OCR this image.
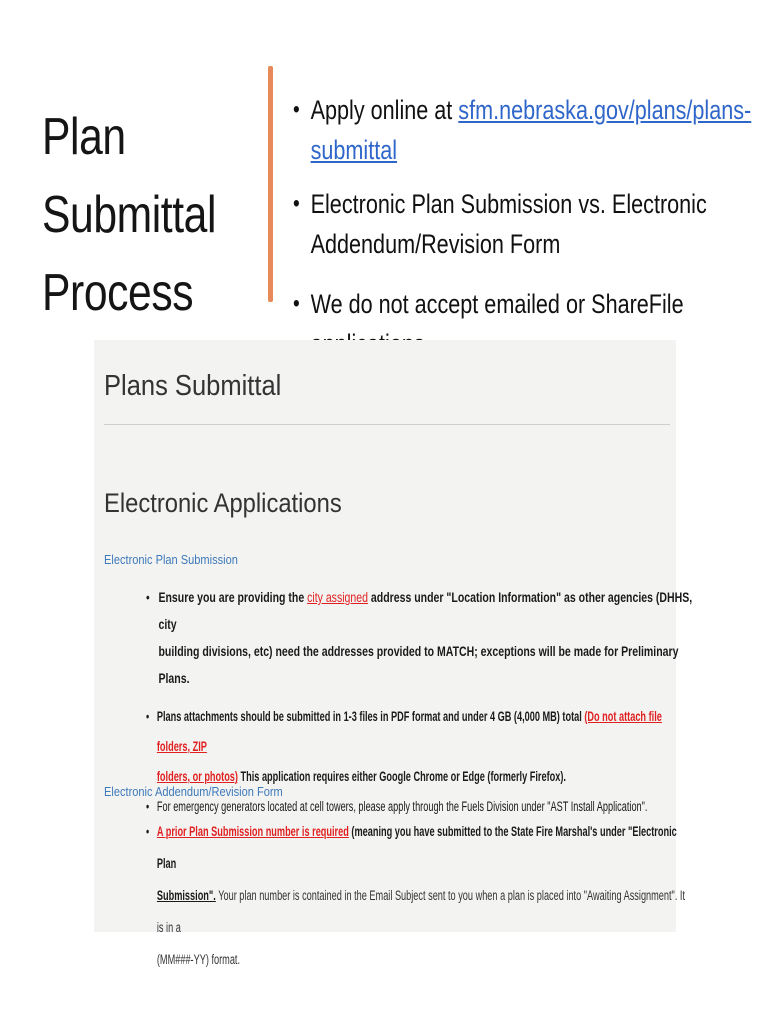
Plan Submittal
Process
• Apply online at sfm.nebraska.gov/plans/plans-submittal
• Electronic Plan Submission vs. Electronic
Addendum/Revision Form
• We do not accept emailed or ShareFile
Plans Submittal
Electronic Applications
Electronic Plan Submission
• Ensure you are providing the city assigned address under "Location Information" as other agencies (DHHS, city
building divisions, etc) need the addresses provided to MATCH; exceptions will be made for Preliminary Plans.
• Plans attachments should be submitted in 1-3 files in PDF format and under 4 GB (4,000 MB) total (Do not attach file folders, ZIP
folders, or photos) This application requires either Google Chrome or Edge (formerly Firefox).
• For emergency generators located at cell towers, please apply through the Fuels Division under "AST Install Application".
Electronic Addendum/Revision Form
• A prior Plan Submission number is required (meaning you have submitted to the State Fire Marshal's under "Electronic Plan
Submission". Your plan number is contained in the Email Subject sent to you when a plan is placed into "Awaiting Assignment". It is in a
(MM###-YY) format.
